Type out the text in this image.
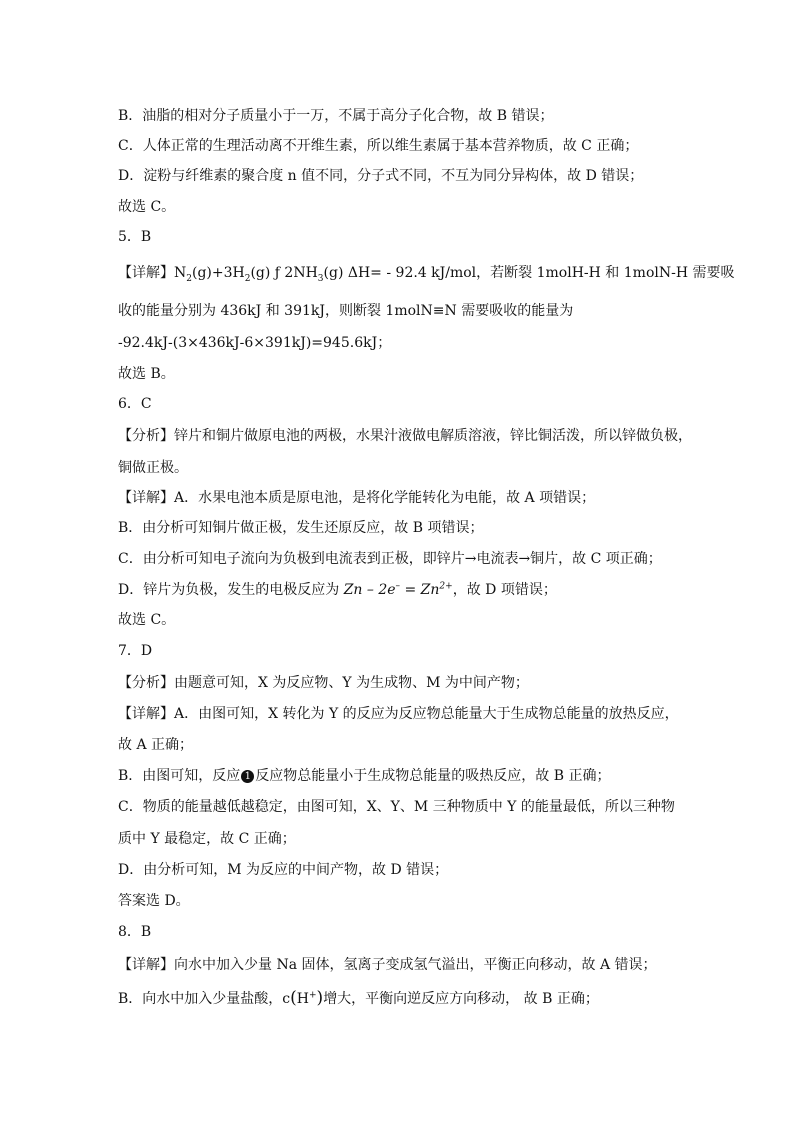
B．油脂的相对分子质量小于一万，不属于高分子化合物，故 B 错误；
C．人体正常的生理活动离不开维生素，所以维生素属于基本营养物质，故 C 正确；
D．淀粉与纤维素的聚合度 n 值不同，分子式不同，不互为同分异构体，故 D 错误；
故选 C。
5．B
【详解】$N_2(g)+3H_2(g)$ ƒ $2NH_3(g)$ ΔH= - 92.4 kJ/mol，若断裂 1molH-H 和 1molN-H 需要吸
收的能量分别为 436kJ 和 391kJ，则断裂 1molN≡N 需要吸收的能量为
-92.4kJ-(3×436kJ-6×391kJ)=945.6kJ；
故选 B。
6．C
【分析】锌片和铜片做原电池的两极，水果汁液做电解质溶液，锌比铜活泼，所以锌做负极，
铜做正极。
【详解】A．水果电池本质是原电池，是将化学能转化为电能，故 A 项错误；
B．由分析可知铜片做正极，发生还原反应，故 B 项错误；
C．由分析可知电子流向为负极到电流表到正极，即锌片→电流表→铜片，故 C 项正确；
D．锌片为负极，发生的电极反应为 $Zn - 2e^- = Zn^{2+}$，故 D 项错误；
故选 C。
7．D
【分析】由题意可知，X 为反应物、Y 为生成物、M 为中间产物；
【详解】A．由图可知，X 转化为 Y 的反应为反应物总能量大于生成物总能量的放热反应，
故 A 正确；
B．由图可知，反应 1 反应物总能量小于生成物总能量的吸热反应，故 B 正确；
C．物质的能量越低越稳定，由图可知，X、Y、M 三种物质中 Y 的能量最低，所以三种物
质中 Y 最稳定，故 C 正确；
D．由分析可知，M 为反应的中间产物，故 D 错误；
答案选 D。
8．B
【详解】向水中加入少量 Na 固体，氢离子变成氢气溢出，平衡正向移动，故 A 错误；
B．向水中加入少量盐酸，c(H+)增大，平衡向逆反应方向移动， 故 B 正确；
